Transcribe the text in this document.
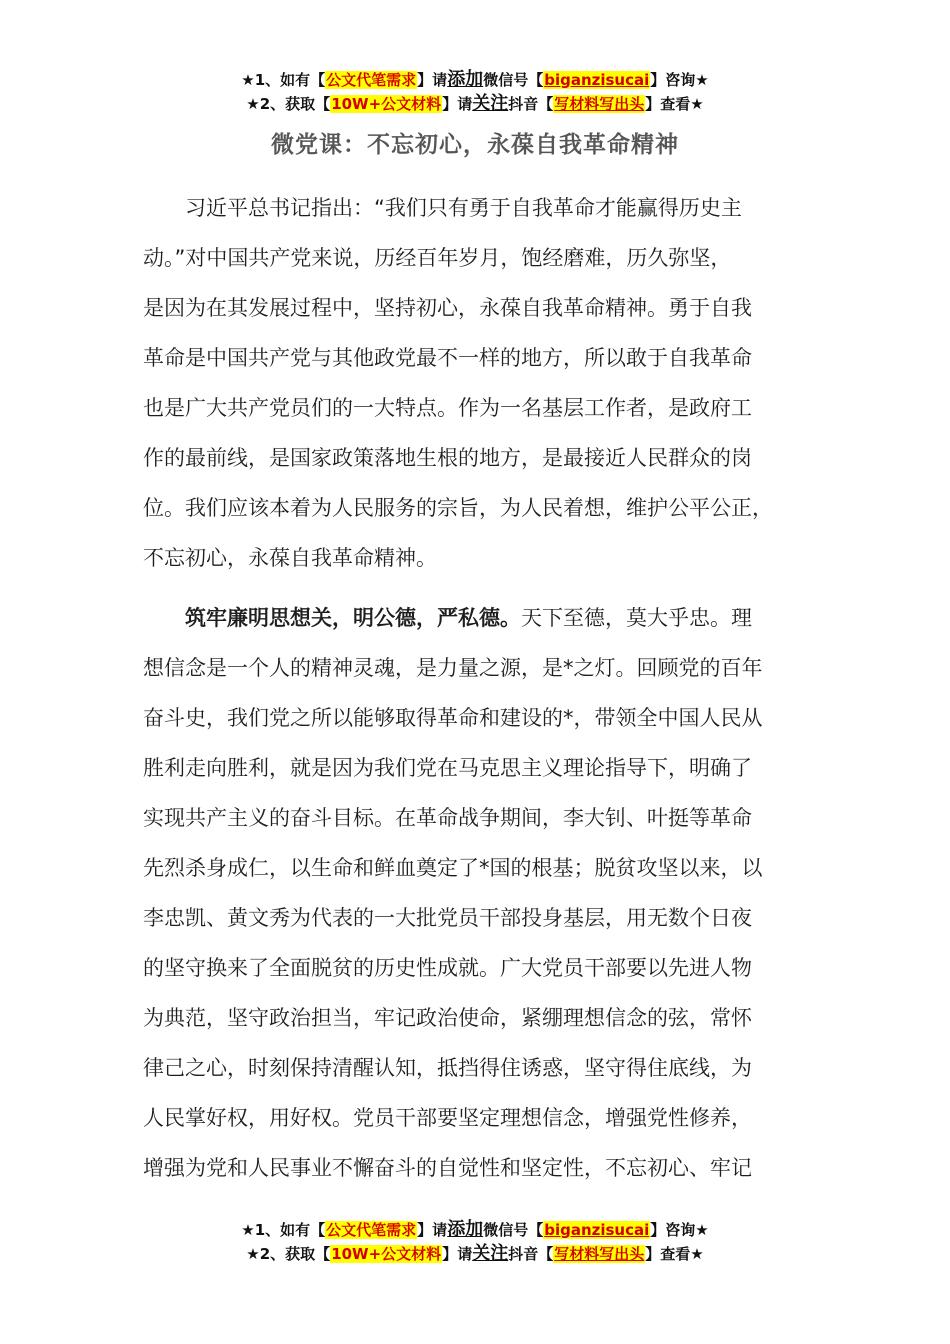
★1、如有【公文代笔需求】请添加微信号【biganzisucai】咨询★
★2、获取【10W+公文材料】请关注抖音【写材料写出头】查看★
微党课：不忘初心，永葆自我革命精神
　　习近平总书记指出：“我们只有勇于自我革命才能赢得历史主
动。”对中国共产党来说，历经百年岁月，饱经磨难，历久弥坚，
是因为在其发展过程中，坚持初心，永葆自我革命精神。勇于自我
革命是中国共产党与其他政党最不一样的地方，所以敢于自我革命
也是广大共产党员们的一大特点。作为一名基层工作者，是政府工
作的最前线，是国家政策落地生根的地方，是最接近人民群众的岗
位。我们应该本着为人民服务的宗旨，为人民着想，维护公平公正，
不忘初心，永葆自我革命精神。
　　筑牢廉明思想关，明公德，严私德。天下至德，莫大乎忠。理
想信念是一个人的精神灵魂，是力量之源，是*之灯。回顾党的百年
奋斗史，我们党之所以能够取得革命和建设的*，带领全中国人民从
胜利走向胜利，就是因为我们党在马克思主义理论指导下，明确了
实现共产主义的奋斗目标。在革命战争期间，李大钊、叶挺等革命
先烈杀身成仁，以生命和鲜血奠定了*国的根基；脱贫攻坚以来，以
李忠凯、黄文秀为代表的一大批党员干部投身基层，用无数个日夜
的坚守换来了全面脱贫的历史性成就。广大党员干部要以先进人物
为典范，坚守政治担当，牢记政治使命，紧绷理想信念的弦，常怀
律己之心，时刻保持清醒认知，抵挡得住诱惑，坚守得住底线，为
人民掌好权，用好权。党员干部要坚定理想信念，增强党性修养，
增强为党和人民事业不懈奋斗的自觉性和坚定性，不忘初心、牢记
★1、如有【公文代笔需求】请添加微信号【biganzisucai】咨询★
★2、获取【10W+公文材料】请关注抖音【写材料写出头】查看★
